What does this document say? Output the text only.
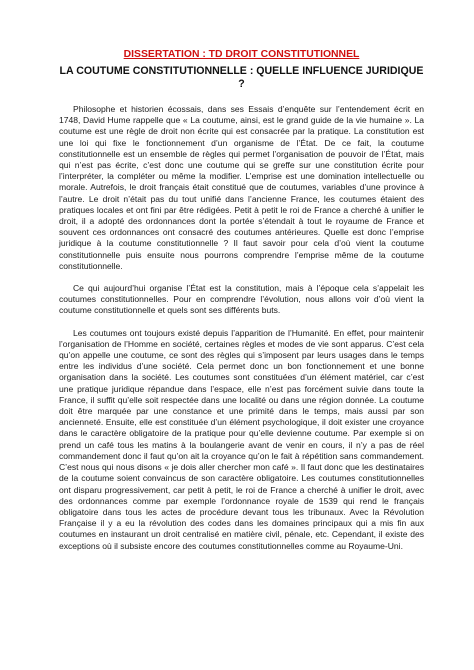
DISSERTATION : TD DROIT CONSTITUTIONNEL
LA COUTUME CONSTITUTIONNELLE : QUELLE INFLUENCE JURIDIQUE ?

Philosophe et historien écossais, dans ses Essais d’enquête sur l’entendement écrit en 1748, David Hume rappelle que « La coutume, ainsi, est le grand guide de la vie humaine ». La coutume est une règle de droit non écrite qui est consacrée par la pratique. La constitution est une loi qui fixe le fonctionnement d’un organisme de l’État. De ce fait, la coutume constitutionnelle est un ensemble de règles qui permet l’organisation de pouvoir de l’État, mais qui n’est pas écrite, c’est donc une coutume qui se greffe sur une constitution écrite pour l’interpréter, la compléter ou même la modifier. L’emprise est une domination intellectuelle ou morale. Autrefois, le droit français était constitué que de coutumes, variables d’une province à l’autre. Le droit n’était pas du tout unifié dans l’ancienne France, les coutumes étaient des pratiques locales et ont fini par être rédigées. Petit à petit le roi de France a cherché à unifier le droit, il a adopté des ordonnances dont la portée s’étendait à tout le royaume de France et souvent ces ordonnances ont consacré des coutumes antérieures. Quelle est donc l’emprise juridique à la coutume constitutionnelle ? Il faut savoir pour cela d’où vient la coutume constitutionnelle puis ensuite nous pourrons comprendre l’emprise même de la coutume constitutionnelle.

Ce qui aujourd’hui organise l’État est la constitution, mais à l’époque cela s’appelait les coutumes constitutionnelles. Pour en comprendre l’évolution, nous allons voir d’où vient la coutume constitutionnelle et quels sont ses différents buts.

Les coutumes ont toujours existé depuis l’apparition de l’Humanité. En effet, pour maintenir l’organisation de l’Homme en société, certaines règles et modes de vie sont apparus. C’est cela qu’on appelle une coutume, ce sont des règles qui s’imposent par leurs usages dans le temps entre les individus d’une société. Cela permet donc un bon fonctionnement et une bonne organisation dans la société. Les coutumes sont constituées d’un élément matériel, car c’est une pratique juridique répandue dans l’espace, elle n’est pas forcément suivie dans toute la France, il suffit qu’elle soit respectée dans une localité ou dans une région donnée. La coutume doit être marquée par une constance et une primité dans le temps, mais aussi par son ancienneté. Ensuite, elle est constituée d’un élément psychologique, il doit exister une croyance dans le caractère obligatoire de la pratique pour qu’elle devienne coutume. Par exemple si on prend un café tous les matins à la boulangerie avant de venir en cours, il n’y a pas de réel commandement donc il faut qu’on ait la croyance qu’on le fait à répétition sans commandement. C’est nous qui nous disons « je dois aller chercher mon café ». Il faut donc que les destinataires de la coutume soient convaincus de son caractère obligatoire. Les coutumes constitutionnelles ont disparu progressivement, car petit à petit, le roi de France a cherché à unifier le droit, avec des ordonnances comme par exemple l’ordonnance royale de 1539 qui rend le français obligatoire dans tous les actes de procédure devant tous les tribunaux. Avec la Révolution Française il y a eu la révolution des codes dans les domaines principaux qui a mis fin aux coutumes en instaurant un droit centralisé en matière civil, pénale, etc. Cependant, il existe des exceptions où il subsiste encore des coutumes constitutionnelles comme au Royaume-Uni.
